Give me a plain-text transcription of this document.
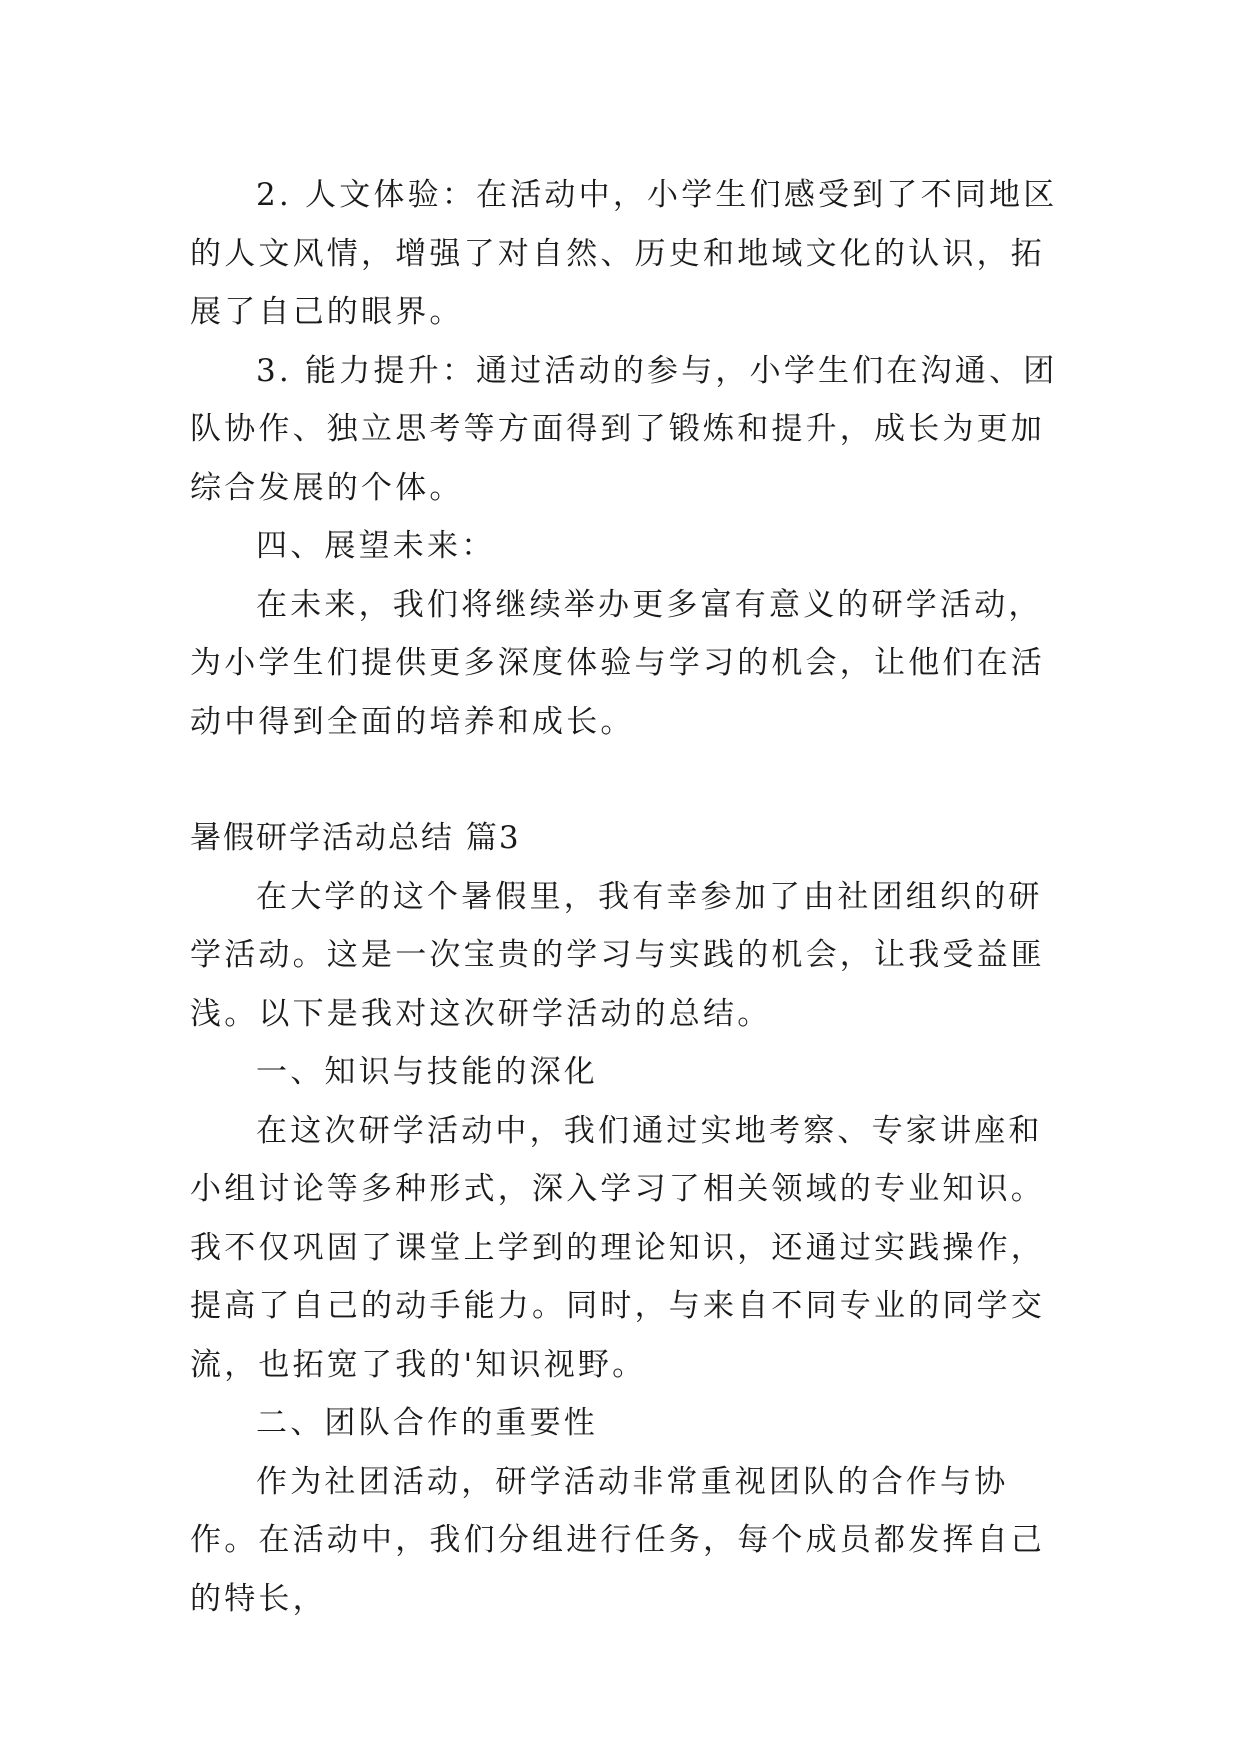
2. 人文体验：在活动中，小学生们感受到了不同地区的人文风情，增强了对自然、历史和地域文化的认识，拓展了自己的眼界。

3. 能力提升：通过活动的参与，小学生们在沟通、团队协作、独立思考等方面得到了锻炼和提升，成长为更加综合发展的个体。

四、展望未来：

在未来，我们将继续举办更多富有意义的研学活动，为小学生们提供更多深度体验与学习的机会，让他们在活动中得到全面的培养和成长。

暑假研学活动总结 篇3

在大学的这个暑假里，我有幸参加了由社团组织的研学活动。这是一次宝贵的学习与实践的机会，让我受益匪浅。以下是我对这次研学活动的总结。

一、知识与技能的深化

在这次研学活动中，我们通过实地考察、专家讲座和小组讨论等多种形式，深入学习了相关领域的专业知识。我不仅巩固了课堂上学到的理论知识，还通过实践操作，提高了自己的动手能力。同时，与来自不同专业的同学交流，也拓宽了我的'知识视野。

二、团队合作的重要性

作为社团活动，研学活动非常重视团队的合作与协作。在活动中，我们分组进行任务，每个成员都发挥自己的特长，
